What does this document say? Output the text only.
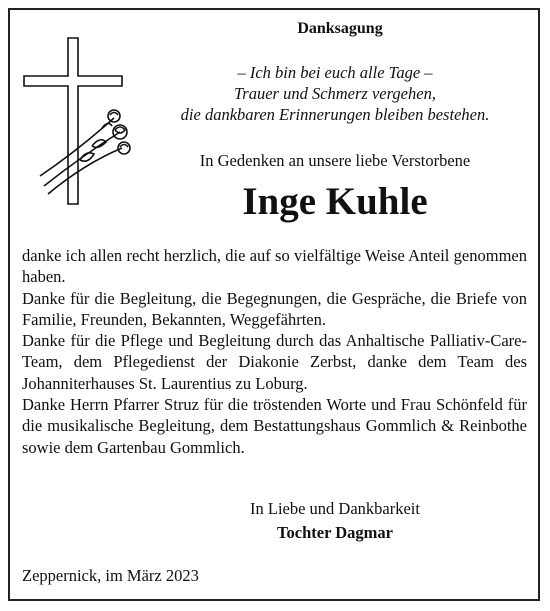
Danksagung
– Ich bin bei euch alle Tage –
Trauer und Schmerz vergehen,
die dankbaren Erinnerungen bleiben bestehen.
In Gedenken an unsere liebe Verstorbene
Inge Kuhle

danke ich allen recht herzlich, die auf so vielfältige Weise Anteil genommen haben.

Danke für die Begleitung, die Begegnungen, die Gespräche, die Briefe von Familie, Freunden, Bekannten, Weggefährten.

Danke für die Pflege und Begleitung durch das Anhaltische Palliativ-Care-Team, dem Pflegedienst der Diakonie Zerbst, danke dem Team des Johanniterhauses St. Laurentius zu Loburg.

Danke Herrn Pfarrer Struz für die tröstenden Worte und Frau Schönfeld für die musikalische Begleitung, dem Bestattungshaus Gommlich & Reinbothe sowie dem Gartenbau Gommlich.

In Liebe und Dankbarkeit
Tochter Dagmar
Zeppernick, im März 2023
